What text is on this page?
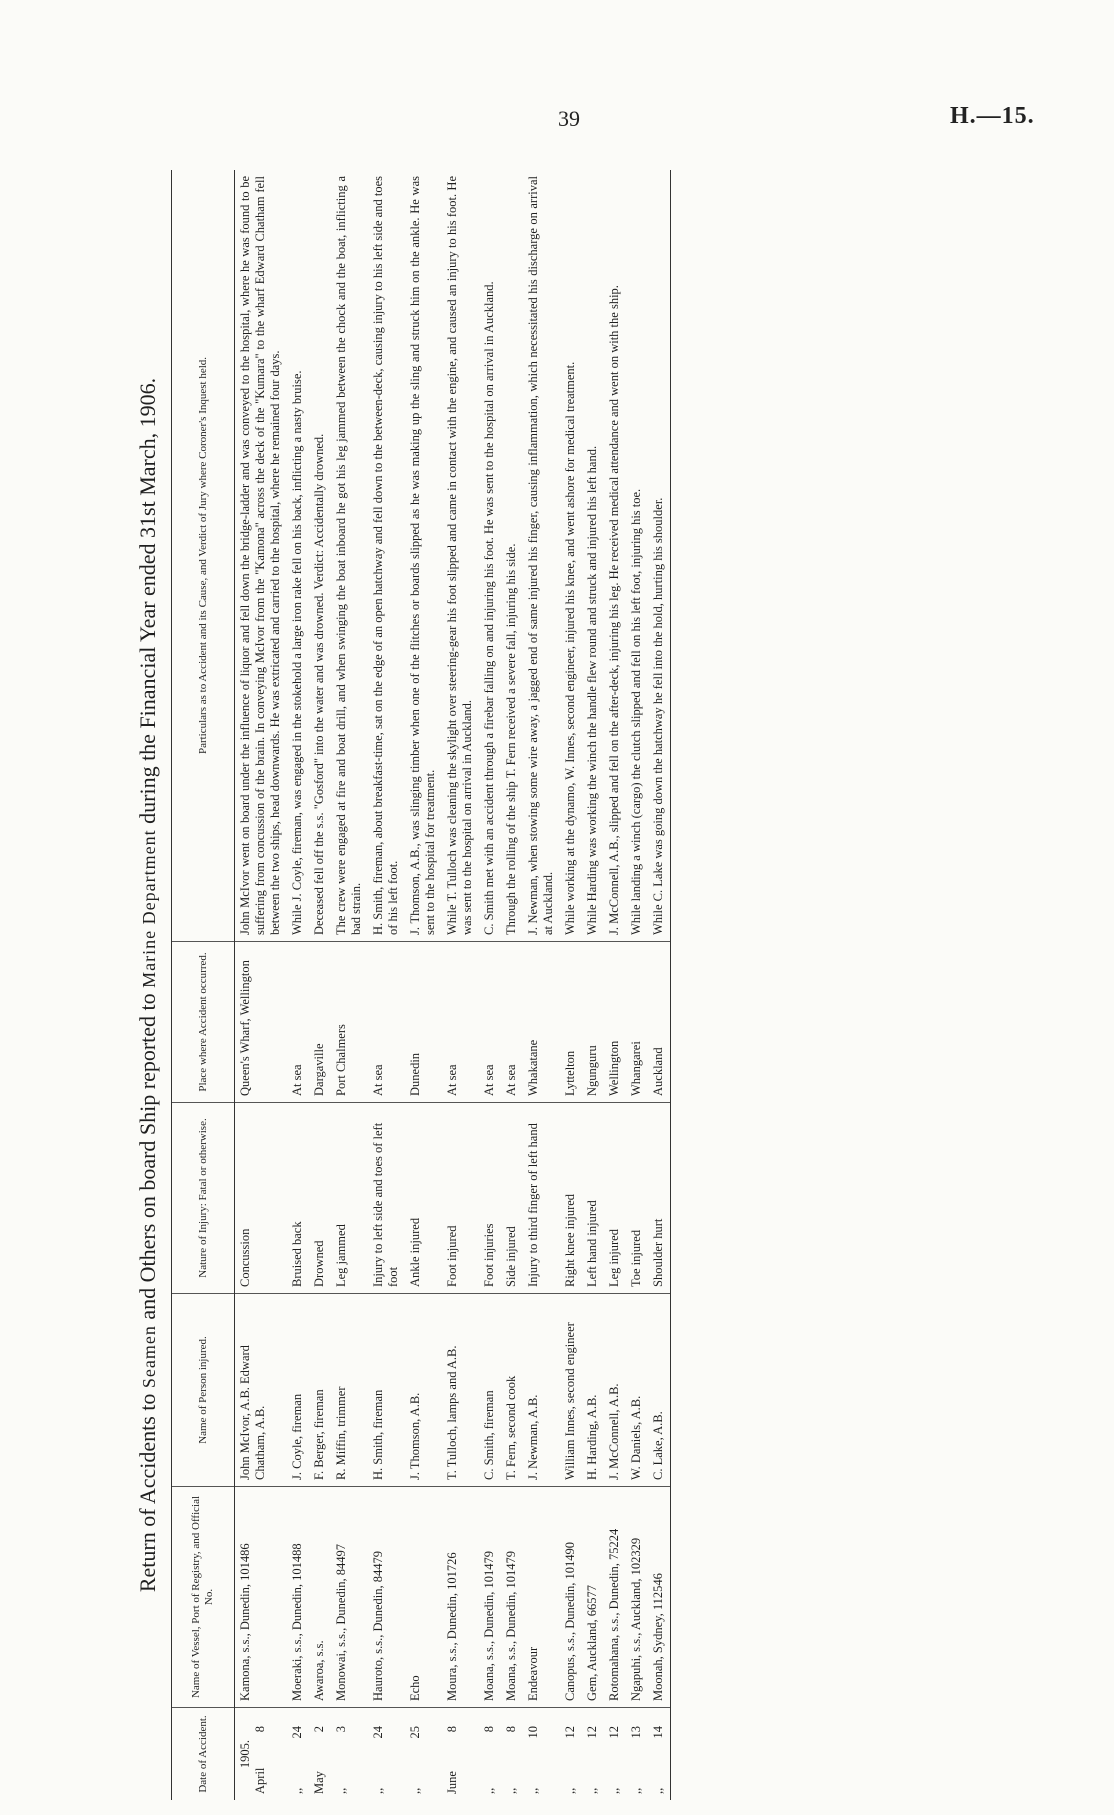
39	H.—15.
Return of Accidents to Seamen and Others on board Ship reported to Marine Department during the Financial Year ended 31st March, 1906.
Date of Accident.	Name of Vessel, Port of Registry, and Official No.	Name of Person injured.	Nature of Injury: Fatal or otherwise.	Place where Accident occurred.	Particulars as to Accident and its Cause, and Verdict of Jury where Coroner's Inquest held.

1905.
April8	Kamona, s.s., Dunedin, 101486	John McIvor, A.B. Edward Chatham, A.B.	Concussion	Queen's Wharf, Wellington	John McIvor went on board under the influence of liquor and fell down the bridge-ladder and was conveyed to the hospital, where he was found to be suffering from concussion of the brain. In conveying McIvor from the "Kamona" across the deck of the "Kumara" to the wharf Edward Chatham fell between the two ships, head downwards. He was extricated and carried to the hospital, where he remained four days.
,,24	Moeraki, s.s., Dunedin, 101488	J. Coyle, fireman	Bruised back	At sea	While J. Coyle, fireman, was engaged in the stokehold a large iron rake fell on his back, inflicting a nasty bruise.
May2	Awaroa, s.s.	F. Berger, fireman	Drowned	Dargaville	Deceased fell off the s.s. "Gosford" into the water and was drowned. Verdict: Accidentally drowned.
,,3	Monowai, s.s., Dunedin, 84497	R. Miffin, trimmer	Leg jammed	Port Chalmers	The crew were engaged at fire and boat drill, and when swinging the boat inboard he got his leg jammed between the chock and the boat, inflicting a bad strain.
,,24	Hauroto, s.s., Dunedin, 84479	H. Smith, fireman	Injury to left side and toes of left foot	At sea	H. Smith, fireman, about breakfast-time, sat on the edge of an open hatchway and fell down to the between-deck, causing injury to his left side and toes of his left foot.
,,25	Echo	J. Thomson, A.B.	Ankle injured	Dunedin	J. Thomson, A.B., was slinging timber when one of the flitches or boards slipped as he was making up the sling and struck him on the ankle. He was sent to the hospital for treatment.
June8	Moura, s.s., Dunedin, 101726	T. Tulloch, lamps and A.B.	Foot injured	At sea	While T. Tulloch was cleaning the skylight over steering-gear his foot slipped and came in contact with the engine, and caused an injury to his foot. He was sent to the hospital on arrival in Auckland.
,,8	Moana, s.s., Dunedin, 101479	C. Smith, fireman	Foot injuries	At sea	C. Smith met with an accident through a firebar falling on and injuring his foot. He was sent to the hospital on arrival in Auckland.
,,8	Moana, s.s., Dunedin, 101479	T. Fern, second cook	Side injured	At sea	Through the rolling of the ship T. Fern received a severe fall, injuring his side.
,,10	Endeavour	J. Newman, A.B.	Injury to third finger of left hand	Whakatane	J. Newman, when stowing some wire away, a jagged end of same injured his finger, causing inflammation, which necessitated his discharge on arrival at Auckland.
,,12	Canopus, s.s., Dunedin, 101490	William Innes, second engineer	Right knee injured	Lyttelton	While working at the dynamo, W. Innes, second engineer, injured his knee, and went ashore for medical treatment.
,,12	Gem, Auckland, 66577	H. Harding, A.B.	Left hand injured	Ngunguru	While Harding was working the winch the handle flew round and struck and injured his left hand.
,,12	Rotomahana, s.s., Dunedin, 75224	J. McConnell, A.B.	Leg injured	Wellington	J. McConnell, A.B., slipped and fell on the after-deck, injuring his leg. He received medical attendance and went on with the ship.
,,13	Ngapuhi, s.s., Auckland, 102329	W. Daniels, A.B.	Toe injured	Whangarei	While landing a winch (cargo) the clutch slipped and fell on his left foot, injuring his toe.
,,14	Moonah, Sydney, 112546	C. Lake, A.B.	Shoulder hurt	Auckland	While C. Lake was going down the hatchway he fell into the hold, hurting his shoulder.
